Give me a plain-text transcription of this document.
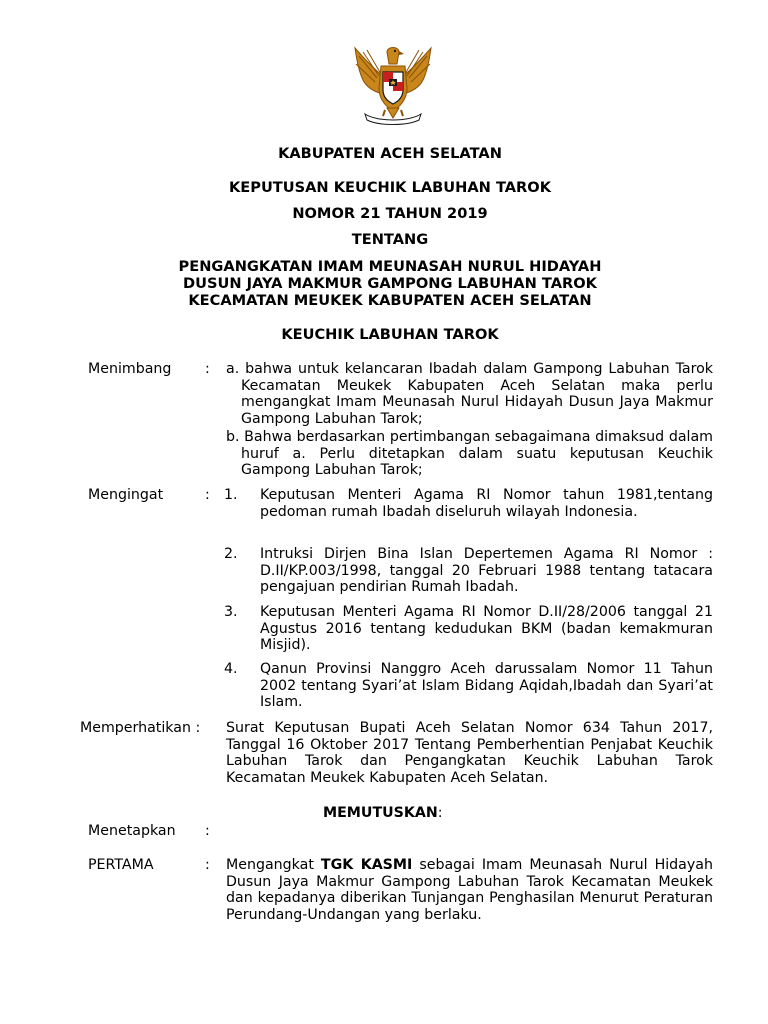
KABUPATEN ACEH SELATAN
KEPUTUSAN KEUCHIK LABUHAN TAROK
NOMOR 21 TAHUN 2019
TENTANG
PENGANGKATAN IMAM MEUNASAH NURUL HIDAYAH
DUSUN JAYA MAKMUR GAMPONG LABUHAN TAROK
KECAMATAN MEUKEK KABUPATEN ACEH SELATAN
KEUCHIK LABUHAN TAROK
Menimbang : a. bahwa untuk kelancaran Ibadah dalam Gampong Labuhan Tarok Kecamatan Meukek Kabupaten Aceh Selatan maka perlu mengangkat Imam Meunasah Nurul Hidayah Dusun Jaya Makmur Gampong Labuhan Tarok;
b. Bahwa berdasarkan pertimbangan sebagaimana dimaksud dalam huruf a. Perlu ditetapkan dalam suatu keputusan Keuchik Gampong Labuhan Tarok;
Mengingat	: 1. Keputusan Menteri Agama RI Nomor tahun 1981,tentang pedoman rumah Ibadah diseluruh wilayah Indonesia.
2. Intruksi Dirjen Bina Islan Depertemen Agama RI Nomor : D.II/KP.003/1998, tanggal 20 Februari 1988 tentang tatacara pengajuan pendirian Rumah Ibadah.
3. Keputusan Menteri Agama RI Nomor D.II/28/2006 tanggal 21 Agustus 2016 tentang kedudukan BKM (badan kemakmuran Misjid).
4. Qanun Provinsi Nanggro Aceh darussalam Nomor 11 Tahun 2002 tentang Syari’at Islam Bidang Aqidah,Ibadah dan Syari’at Islam.
Memperhatikan : Surat Keputusan Bupati Aceh Selatan Nomor 634 Tahun 2017, Tanggal 16 Oktober 2017 Tentang Pemberhentian Penjabat Keuchik Labuhan Tarok dan Pengangkatan Keuchik Labuhan Tarok Kecamatan Meukek Kabupaten Aceh Selatan.
MEMUTUSKAN:
Menetapkan :
PERTAMA	: Mengangkat TGK KASMI sebagai Imam Meunasah Nurul Hidayah Dusun Jaya Makmur Gampong Labuhan Tarok Kecamatan Meukek dan kepadanya diberikan Tunjangan Penghasilan Menurut Peraturan Perundang-Undangan yang berlaku.
